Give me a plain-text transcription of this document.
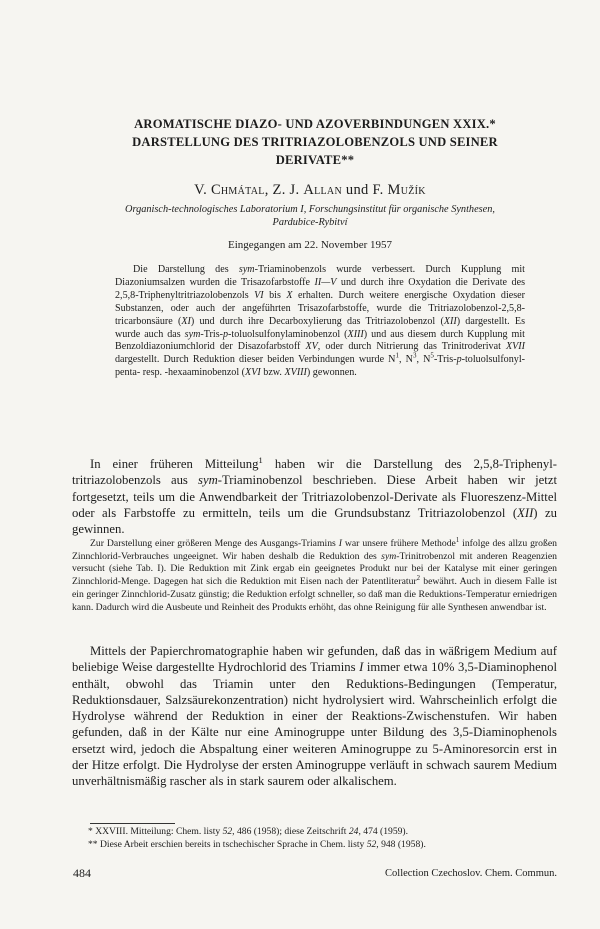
AROMATISCHE DIAZO- UND AZOVERBINDUNGEN XXIX.*
DARSTELLUNG DES TRITRIAZOLOBENZOLS UND SEINER
DERIVATE**
V. Chmátal, Z. J. Allan und F. Mužík
Organisch-technologisches Laboratorium I, Forschungsinstitut für organische Synthesen,
Pardubice-Rybitví
Eingegangen am 22. November 1957

Die Darstellung des sym-Triaminobenzols wurde verbessert. Durch Kupplung mit Diazoniumsalzen wurden die Trisazofarbstoffe II—V und durch ihre Oxydation die Derivate des 2,5,8-Triphenyltritriazolobenzols VI bis X erhalten. Durch weitere energische Oxydation dieser Substanzen, oder auch der angeführten Trisazofarbstoffe, wurde die Tritriazolobenzol-2,5,8-tricarbonsäure (XI) und durch ihre Decarboxylierung das Tritriazolobenzol (XII) dargestellt. Es wurde auch das sym-Tris-p-toluolsulfonylaminobenzol (XIII) und aus diesem durch Kupplung mit Benzoldiazoniumchlorid der Disazofarbstoff XV, oder durch Nitrierung das Trinitroderivat XVII dargestellt. Durch Reduktion dieser beiden Verbindungen wurde $N^1$, $N^3$, $N^5-Tris-p-toluolsulfonyl-penta-$ resp. -hexaaminobenzol (XVI bzw. XVIII) gewonnen.

In einer früheren Mitteilung$^1$ haben wir die Darstellung des 2,5,8-Triphenyl-tritriazolobenzols aus sym-Triaminobenzol beschrieben. Diese Arbeit haben wir jetzt fortgesetzt, teils um die Anwendbarkeit der Tritriazolobenzol-Derivate als Fluoreszenz-Mittel oder als Farbstoffe zu ermitteln, teils um die Grundsubstanz Tritriazolobenzol (XII) zu gewinnen.

Zur Darstellung einer größeren Menge des Ausgangs-Triamins I war unsere frühere Methode$^1$ infolge des allzu großen Zinnchlorid-Verbrauches ungeeignet. Wir haben deshalb die Reduktion des sym-Trinitrobenzol mit anderen Reagenzien versucht (siehe Tab. I). Die Reduktion mit Zink ergab ein geeignetes Produkt nur bei der Katalyse mit einer geringen Zinnchlorid-Menge. Dagegen hat sich die Reduktion mit Eisen nach der Patentliteratur$^2$ bewährt. Auch in diesem Falle ist ein geringer Zinnchlorid-Zusatz günstig; die Reduktion erfolgt schneller, so daß man die Reduktions-Temperatur erniedrigen kann. Dadurch wird die Ausbeute und Reinheit des Produkts erhöht, das ohne Reinigung für alle Synthesen anwendbar ist.

Mittels der Papierchromatographie haben wir gefunden, daß das in wäßrigem Medium auf beliebige Weise dargestellte Hydrochlorid des Triamins I immer etwa 10% 3,5-Diaminophenol enthält, obwohl das Triamin unter den Reduktions-Bedingungen (Temperatur, Reduktionsdauer, Salzsäurekonzentration) nicht hydrolysiert wird. Wahrscheinlich erfolgt die Hydrolyse während der Reduktion in einer der Reaktions-Zwischenstufen. Wir haben gefunden, daß in der Kälte nur eine Aminogruppe unter Bildung des 3,5-Diaminophenols ersetzt wird, jedoch die Abspaltung einer weiteren Aminogruppe zu 5-Aminoresorcin erst in der Hitze erfolgt. Die Hydrolyse der ersten Aminogruppe verläuft in schwach saurem Medium unverhältnismäßig rascher als in stark saurem oder alkalischem.

* XXVIII. Mitteilung: Chem. listy 52, 486 (1958); diese Zeitschrift 24, 474 (1959).
** Diese Arbeit erschien bereits in tschechischer Sprache in Chem. listy 52, 948 (1958).
484	Collection Czechoslov. Chem. Commun.
